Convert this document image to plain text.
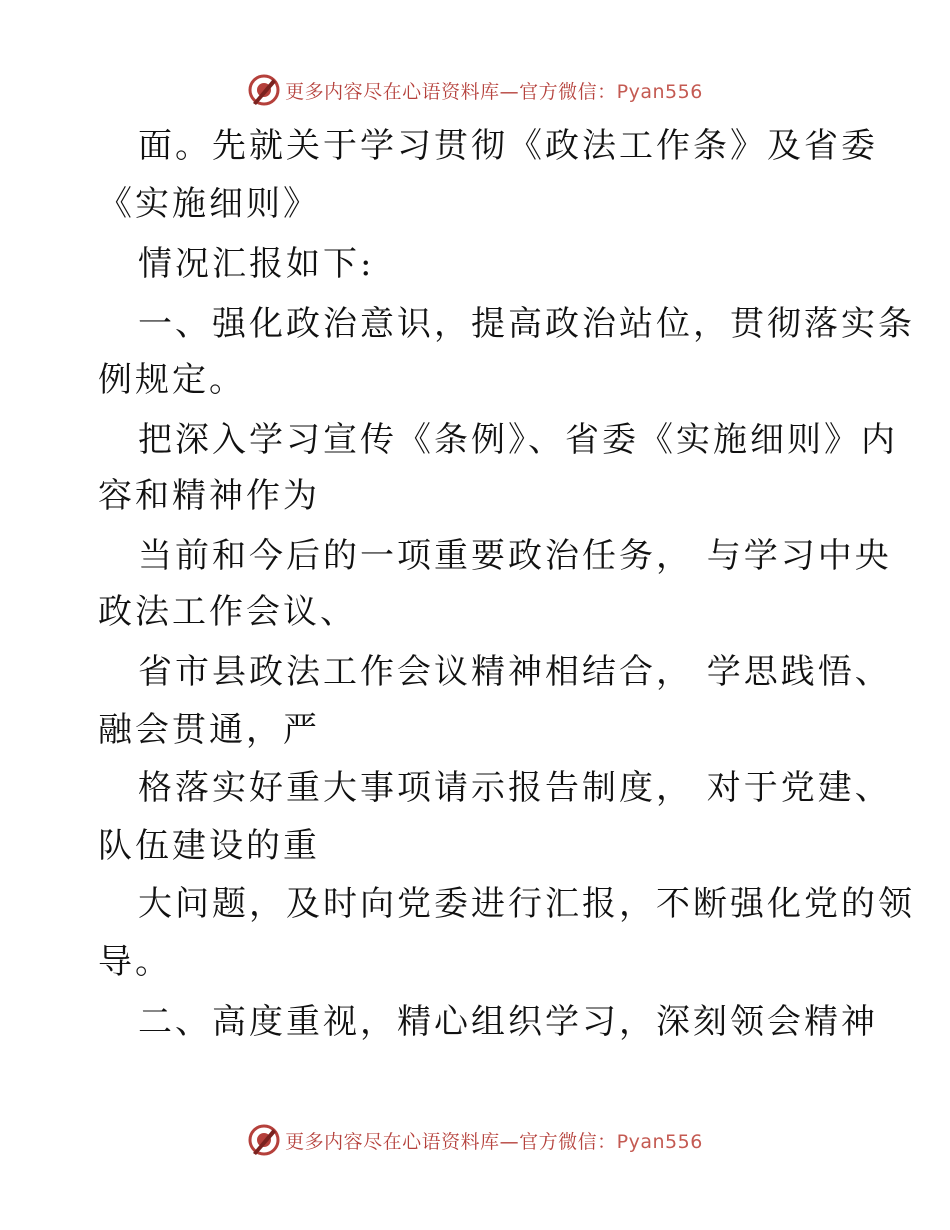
更多内容尽在心语资料库—官方微信：Pyan556
面。先就关于学习贯彻《政法工作条》及省委
《实施细则》
情况汇报如下:
一、强化政治意识，提高政治站位，贯彻落实条
例规定。
把深入学习宣传《条例》、省委《实施细则》内
容和精神作为
当前和今后的一项重要政治任务， 与学习中央
政法工作会议、
省市县政法工作会议精神相结合， 学思践悟、
融会贯通，严
格落实好重大事项请示报告制度， 对于党建、
队伍建设的重
大问题，及时向党委进行汇报，不断强化党的领
导。
二、高度重视，精心组织学习，深刻领会精神
更多内容尽在心语资料库—官方微信：Pyan556
